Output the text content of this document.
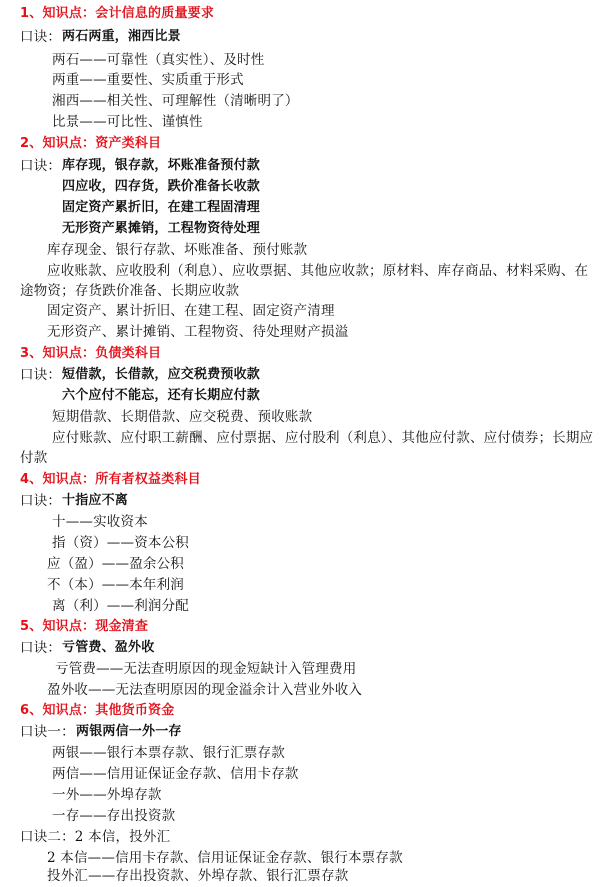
1、知识点：会计信息的质量要求
口诀： 两石两重，湘西比景
两石——可靠性（真实性）、及时性
两重——重要性、实质重于形式
湘西——相关性、可理解性（清晰明了）
比景——可比性、谨慎性
2、知识点：资产类科目
口诀： 库存现，银存款，坏账准备预付款
四应收，四存货，跌价准备长收款
固定资产累折旧，在建工程固清理
无形资产累摊销，工程物资待处理
库存现金、银行存款、坏账准备、预付账款
应收账款、应收股利（利息）、应收票据、其他应收款；原材料、库存商品、材料采购、在途物资；存货跌价准备、长期应收款
固定资产、累计折旧、在建工程、固定资产清理
无形资产、累计摊销、工程物资、待处理财产损溢
3、知识点：负债类科目
口诀： 短借款，长借款，应交税费预收款
六个应付不能忘，还有长期应付款
短期借款、长期借款、应交税费、预收账款
应付账款、应付职工薪酬、应付票据、应付股利（利息）、其他应付款、应付债券；长期应付款
4、知识点：所有者权益类科目
口诀： 十指应不离
十——实收资本
指（资）——资本公积
应（盈）——盈余公积
不（本）——本年利润
离（利）——利润分配
5、知识点：现金清查
口诀： 亏管费、盈外收
亏管费——无法查明原因的现金短缺计入管理费用
盈外收——无法查明原因的现金溢余计入营业外收入
6、知识点：其他货币资金
口诀一： 两银两信一外一存
两银——银行本票存款、银行汇票存款
两信——信用证保证金存款、信用卡存款
一外——外埠存款
一存——存出投资款
口诀二：2 本信，投外汇
2 本信——信用卡存款、信用证保证金存款、银行本票存款
投外汇——存出投资款、外埠存款、银行汇票存款
